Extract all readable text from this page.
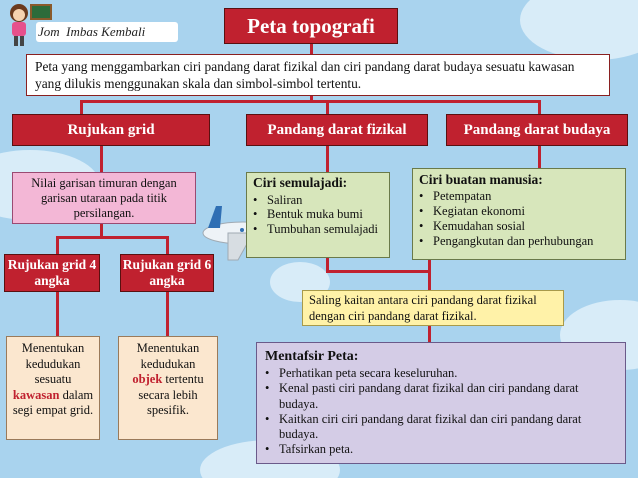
Jom  Imbas Kembali	Peta topografi
Peta yang menggambarkan ciri pandang darat fizikal dan ciri pandang darat budaya sesuatu kawasan yang dilukis menggunakan skala dan simbol-simbol tertentu.
Rujukan grid	Pandang darat fizikal	Pandang darat budaya
Nilai garisan timuran dengan garisan utaraan pada titik persilangan.
Rujukan grid 4 angka
Rujukan grid 6 angka
Menentukan kedudukan sesuatu kawasan dalam segi empat grid.
Menentukan kedudukan objek tertentu secara lebih spesifik.
Ciri semulajadi:
• Saliran
• Bentuk muka bumi
• Tumbuhan semulajadi
Ciri buatan manusia:
• Petempatan
• Kegiatan ekonomi
• Kemudahan sosial
• Pengangkutan dan perhubungan
Saling kaitan antara ciri pandang darat fizikal dengan ciri pandang darat fizikal.
Mentafsir Peta:
• Perhatikan peta secara keseluruhan.
• Kenal pasti ciri pandang darat fizikal dan ciri pandang darat budaya.
• Kaitkan ciri ciri pandang darat fizikal dan ciri pandang darat budaya.
• Tafsirkan peta.
